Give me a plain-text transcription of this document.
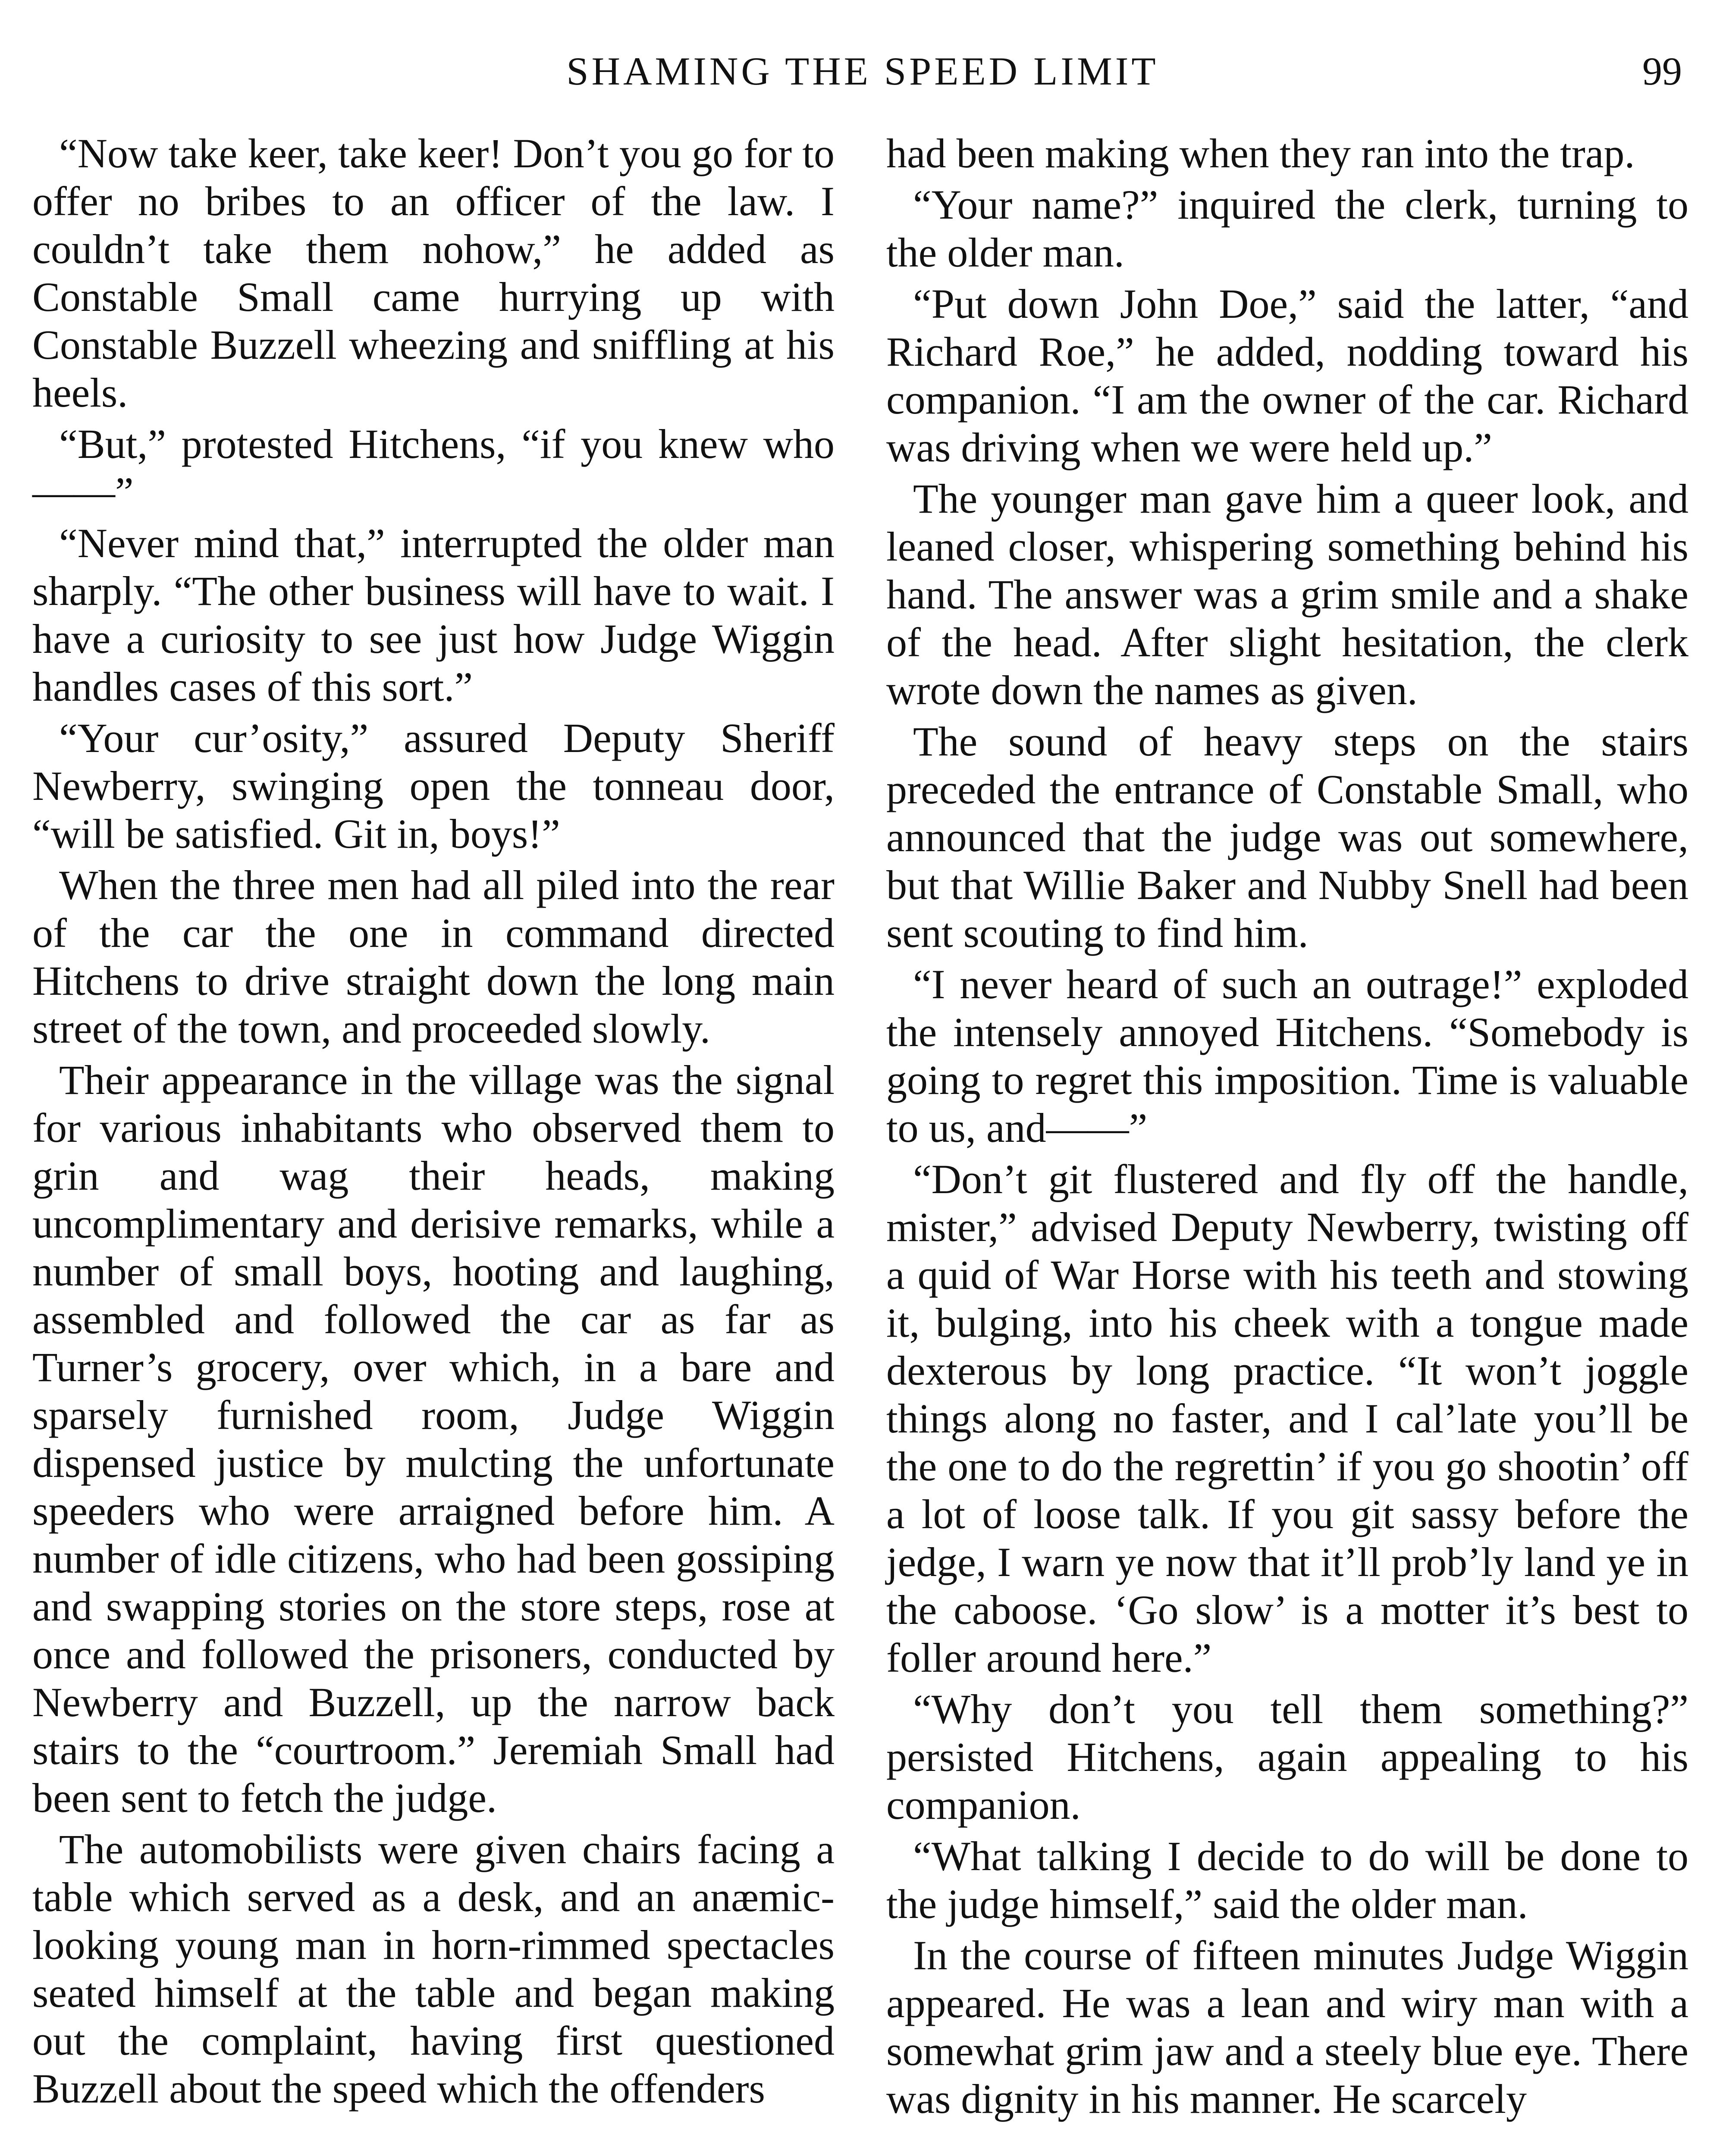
SHAMING THE SPEED LIMIT	99

“Now take keer, take keer! Don’t you go for to offer no bribes to an officer of the law. I couldn’t take them nohow,” he added as Constable Small came hurrying up with Constable Buzzell wheezing and sniffling at his heels.

“But,” protested Hitchens, “if you knew who——”

“Never mind that,” interrupted the older man sharply. “The other business will have to wait. I have a curiosity to see just how Judge Wiggin handles cases of this sort.”

“Your cur’osity,” assured Deputy Sheriff Newberry, swinging open the tonneau door, “will be satisfied. Git in, boys!”

When the three men had all piled into the rear of the car the one in command directed Hitchens to drive straight down the long main street of the town, and proceeded slowly.

Their appearance in the village was the signal for various inhabitants who observed them to grin and wag their heads, making uncomplimentary and derisive remarks, while a number of small boys, hooting and laughing, assembled and followed the car as far as Turner’s grocery, over which, in a bare and sparsely furnished room, Judge Wiggin dispensed justice by mulcting the unfortunate speeders who were arraigned before him. A number of idle citizens, who had been gossiping and swapping stories on the store steps, rose at once and followed the prisoners, conducted by Newberry and Buzzell, up the narrow back stairs to the “courtroom.” Jeremiah Small had been sent to fetch the judge.

The automobilists were given chairs facing a table which served as a desk, and an anæmic-looking young man in horn-rimmed spectacles seated himself at the table and began making out the complaint, having first questioned Buzzell about the speed which the offenders

had been making when they ran into the trap.

“Your name?” inquired the clerk, turning to the older man.

“Put down John Doe,” said the latter, “and Richard Roe,” he added, nodding toward his companion. “I am the owner of the car. Richard was driving when we were held up.”

The younger man gave him a queer look, and leaned closer, whispering something behind his hand. The answer was a grim smile and a shake of the head. After slight hesitation, the clerk wrote down the names as given.

The sound of heavy steps on the stairs preceded the entrance of Constable Small, who announced that the judge was out somewhere, but that Willie Baker and Nubby Snell had been sent scouting to find him.

“I never heard of such an outrage!” exploded the intensely annoyed Hitchens. “Somebody is going to regret this imposition. Time is valuable to us, and——”

“Don’t git flustered and fly off the handle, mister,” advised Deputy Newberry, twisting off a quid of War Horse with his teeth and stowing it, bulging, into his cheek with a tongue made dexterous by long practice. “It won’t joggle things along no faster, and I cal’late you’ll be the one to do the regrettin’ if you go shootin’ off a lot of loose talk. If you git sassy before the jedge, I warn ye now that it’ll prob’ly land ye in the caboose. ‘Go slow’ is a motter it’s best to foller around here.”

“Why don’t you tell them something?” persisted Hitchens, again appealing to his companion.

“What talking I decide to do will be done to the judge himself,” said the older man.

In the course of fifteen minutes Judge Wiggin appeared. He was a lean and wiry man with a somewhat grim jaw and a steely blue eye. There was dignity in his manner. He scarcely
